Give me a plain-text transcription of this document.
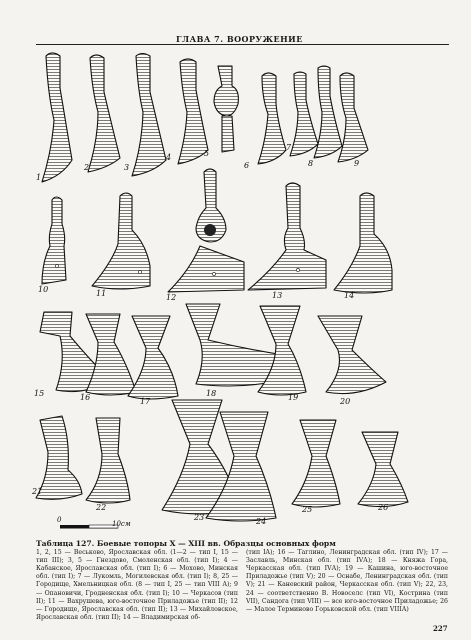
ГЛАВА 7. ВООРУЖЕНИЕ
1
2	3
4	5
6
7
8	9
10	11	12	13	14
15	16	17
18	19	20
21
22
23	24
25	26
0	10см
Таблица 127. Боевые топоры X — XIII вв. Образцы основных форм
1, 2, 15 — Веськово, Ярославская обл. (1—2 — тип I, 15 — тип III); 3, 5 — Гнездово, Смоленская обл. (тип I); 4 — Кабанское, Ярославская обл. (тип I); 6 — Мохово, Минская обл. (тип I); 7 — Лукомль, Могилевская обл. (тип I); 8, 25 — Городище, Хмельницкая обл. (8 — тип I, 25 — тип VIII А); 9 — Опановичи, Гродненская обл. (тип I); 10 — Черкасов (тип II); 11 — Вахрушева, юго-восточное Приладожье (тип II); 12 — Городище, Ярославская обл. (тип II); 13 — Михайловское, Ярославская обл. (тип II); 14 — Владимирская об-
(тип IA); 16 — Таглино, Ленинградская обл. (тип IV); 17 — Заславль, Минская обл. (тип IVА); 18 — Княжа Гора, Черкасская обл. (тип IVА); 19 — Кашина, юго-восточное Приладожье (тип V); 20 — Оснабе, Ленинградская обл. (тип V); 21 — Каневский район, Черкасская обл. (тип V); 22, 23, 24 — соответственно В. Новоселс (тип VI), Кострина (тип VII), Сандога (тип VIII) — все юго-восточное Приладожье; 26 — Малое Терминово Горьковской обл. (тип VIIIА)
227
